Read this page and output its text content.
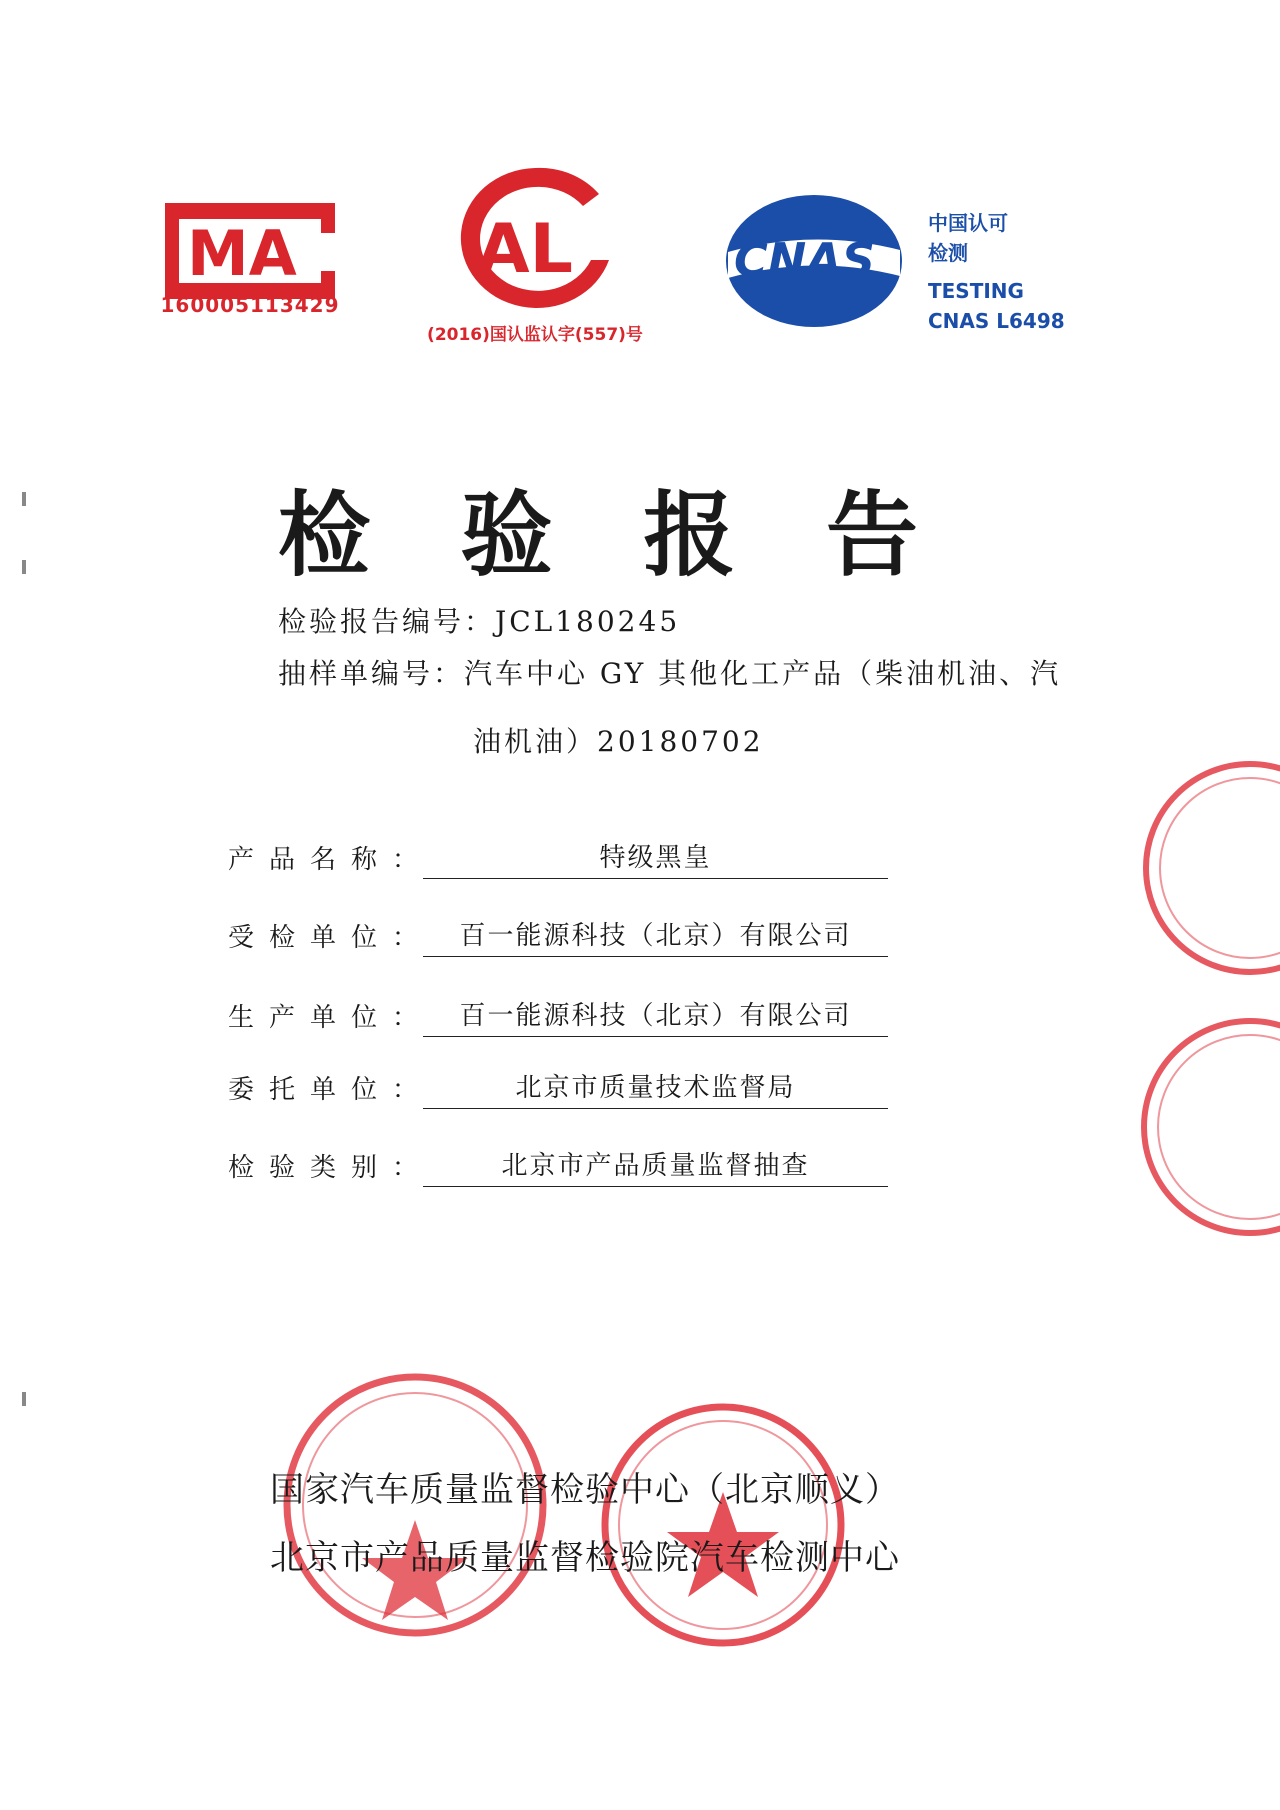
MA
160005113429
AL
(2016)国认监认字(557)号
CNAS
中国认可
检测
TESTING
CNAS L6498
检 验 报 告
检验报告编号：JCL180245
抽样单编号：汽车中心 GY 其他化工产品（柴油机油、汽
油机油）20180702
产 品 名 称 ：	特级黑皇
受 检 单 位 ：	百一能源科技（北京）有限公司
生 产 单 位 ：	百一能源科技（北京）有限公司
委 托 单 位 ：	北京市质量技术监督局
检 验 类 别 ：	北京市产品质量监督抽查
国家汽车质量监督检验中心（北京顺义）
北京市产品质量监督检验院汽车检测中心
